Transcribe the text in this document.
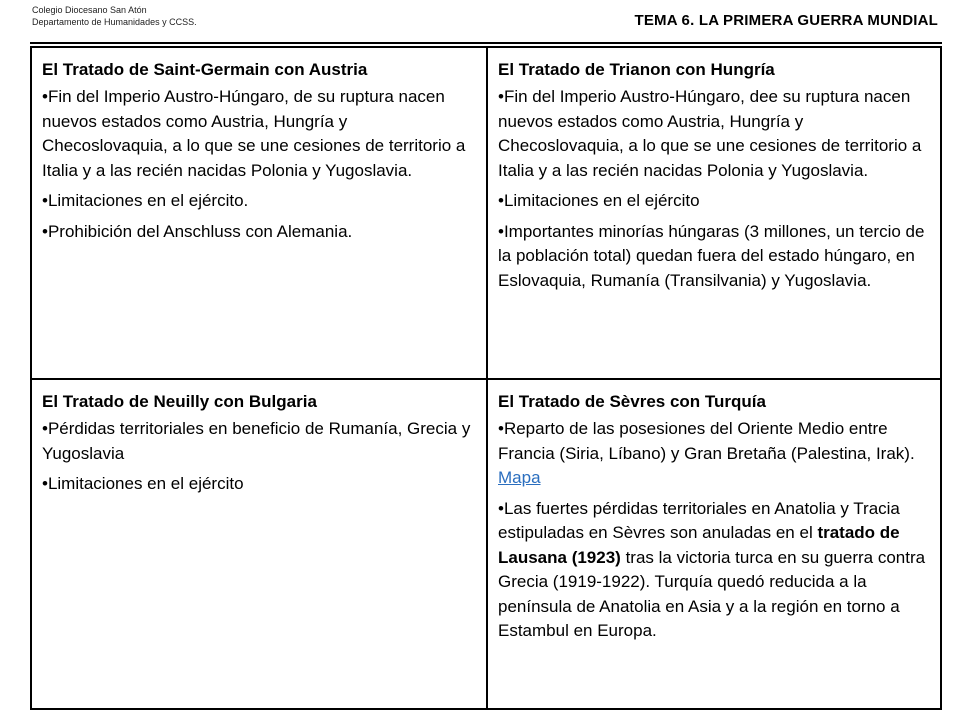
Colegio Diocesano San Atón
Departamento de Humanidades y CCSS.	TEMA 6. LA PRIMERA GUERRA MUNDIAL
El Tratado de Saint-Germain con Austria

•Fin del Imperio Austro-Húngaro, de su ruptura nacen nuevos estados como Austria, Hungría y Checoslovaquia, a lo que se une cesiones de territorio a Italia y a las recién nacidas Polonia y Yugoslavia.

•Limitaciones en el ejército.

•Prohibición del Anschluss con Alemania.

El Tratado de Trianon con Hungría

•Fin del Imperio Austro-Húngaro, dee su ruptura nacen nuevos estados como Austria, Hungría y Checoslovaquia, a lo que se une cesiones de territorio a Italia y a las recién nacidas Polonia y Yugoslavia.

•Limitaciones en el ejército

•Importantes minorías húngaras (3 millones, un tercio de la población total) quedan fuera del estado húngaro, en Eslovaquia, Rumanía (Transilvania) y Yugoslavia.

El Tratado de Neuilly con Bulgaria

•Pérdidas territoriales en beneficio de Rumanía, Grecia y Yugoslavia

•Limitaciones en el ejército

El Tratado de Sèvres con Turquía

•Reparto de las posesiones del Oriente Medio entre Francia (Siria, Líbano) y Gran Bretaña (Palestina, Irak). Mapa

•Las fuertes pérdidas territoriales en Anatolia y Tracia estipuladas en Sèvres son anuladas en el tratado de Lausana (1923) tras la victoria turca en su guerra contra Grecia (1919-1922). Turquía quedó reducida a la península de Anatolia en Asia y a la región en torno a Estambul en Europa.
